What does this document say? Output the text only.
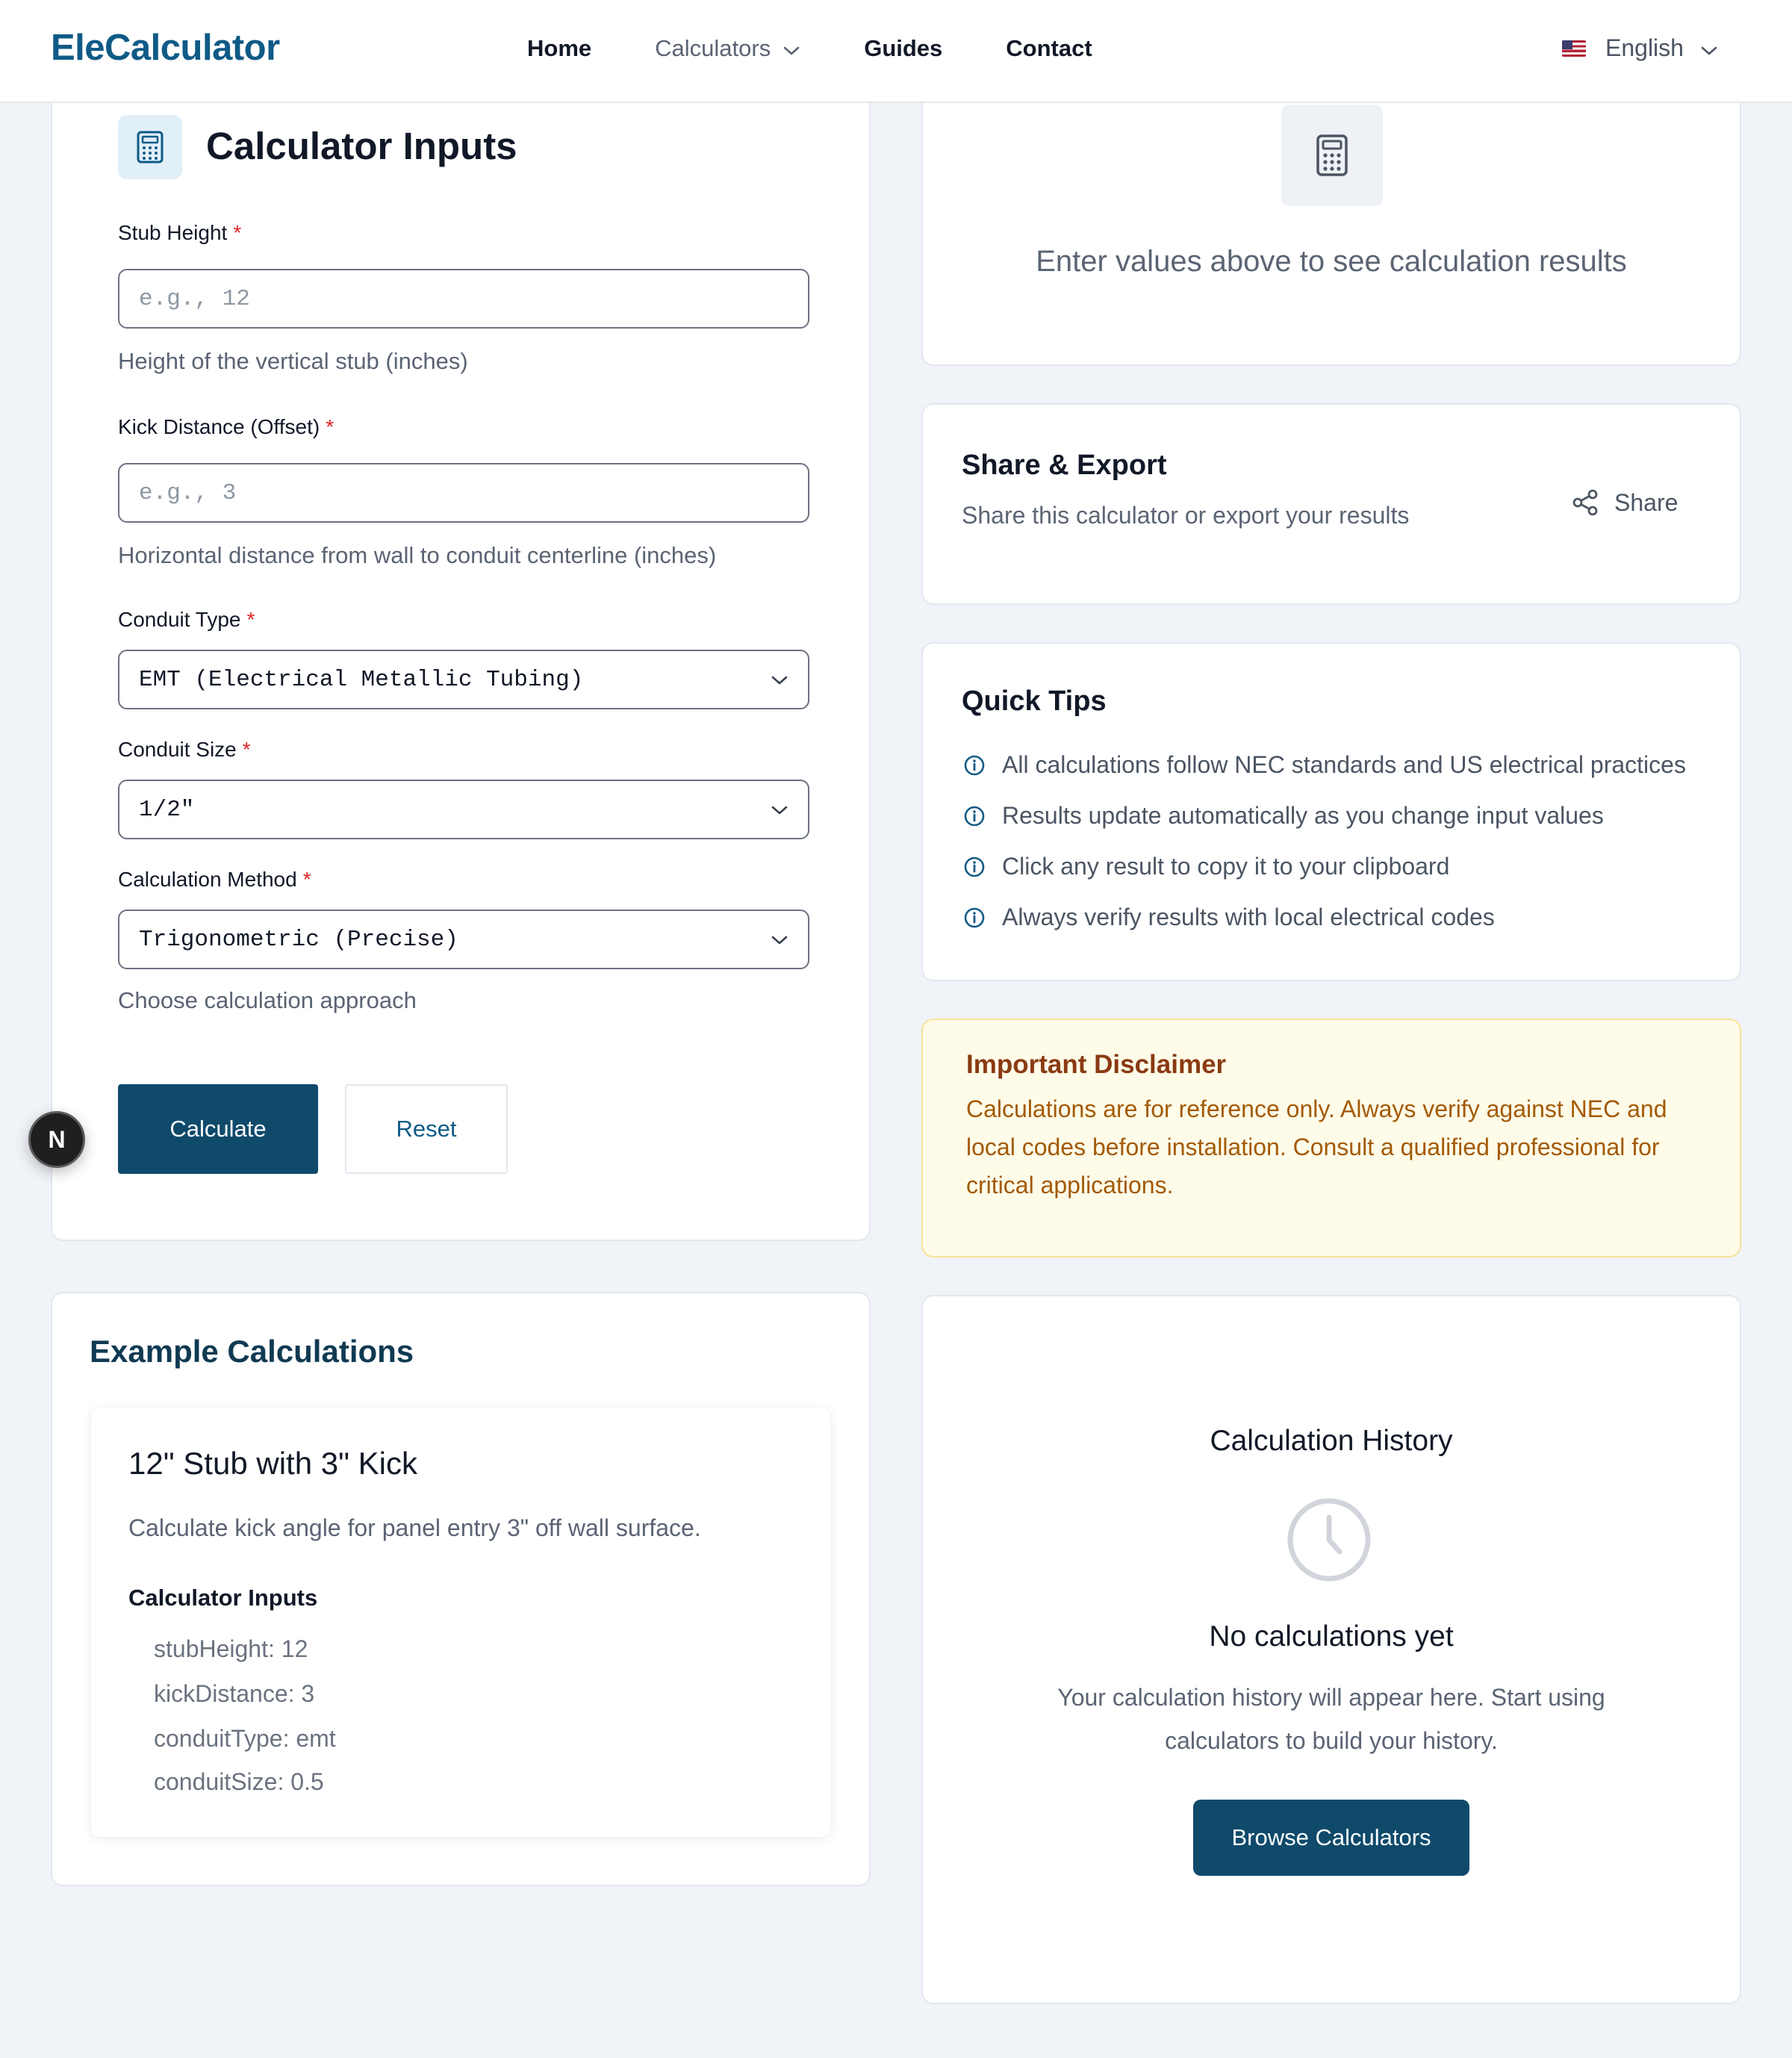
EleCalculator	Home	Calculators	Guides	Contact	English
Calculator Inputs
Stub Height *
e.g., 12
Height of the vertical stub (inches)
Kick Distance (Offset) *
e.g., 3
Horizontal distance from wall to conduit centerline (inches)
Conduit Type *
EMT (Electrical Metallic Tubing)
Conduit Size *
1/2"
Calculation Method *
Trigonometric (Precise)
Choose calculation approach
Calculate	Reset
N
Enter values above to see calculation results
Share & Export
Share this calculator or export your results	Share
Quick Tips
All calculations follow NEC standards and US electrical practices
Results update automatically as you change input values
Click any result to copy it to your clipboard
Always verify results with local electrical codes
Important Disclaimer
Calculations are for reference only. Always verify against NEC and local codes before installation. Consult a qualified professional for critical applications.
Example Calculations
12" Stub with 3" Kick
Calculate kick angle for panel entry 3" off wall surface.
Calculator Inputs
stubHeight: 12
kickDistance: 3
conduitType: emt
conduitSize: 0.5
Calculation History
No calculations yet
Your calculation history will appear here. Start using calculators to build your history.
Browse Calculators
